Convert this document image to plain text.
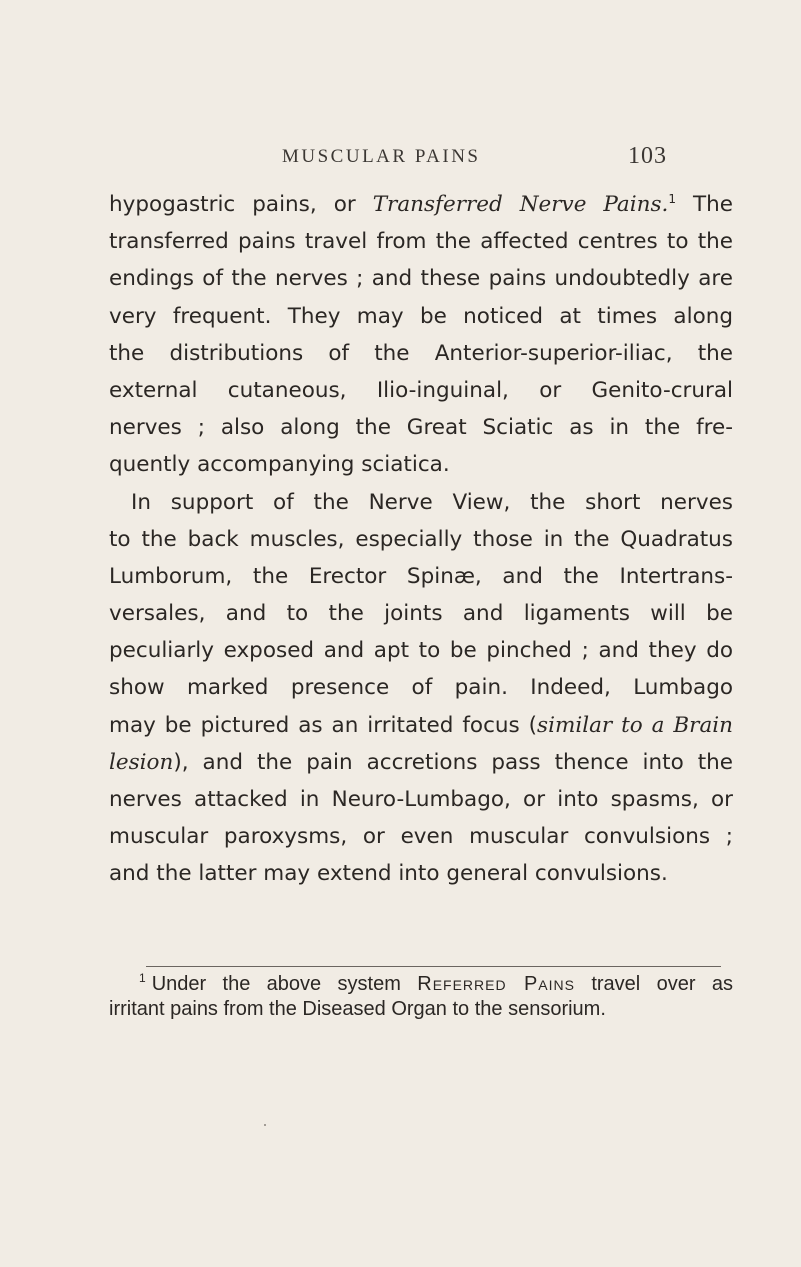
MUSCULAR PAINS	103
hypogastric pains, or Transferred Nerve Pains.$^1$ The
transferred pains travel from the affected centres to the
endings of the nerves ; and these pains undoubtedly are
very frequent. They may be noticed at times along
the distributions of the Anterior-superior-iliac, the
external cutaneous, Ilio-inguinal, or Genito-crural
nerves ; also along the Great Sciatic as in the fre-
quently accompanying sciatica.
In support of the Nerve View, the short nerves
to the back muscles, especially those in the Quadratus
Lumborum, the Erector Spinæ, and the Intertrans-
versales, and to the joints and ligaments will be
peculiarly exposed and apt to be pinched ; and they do
show marked presence of pain. Indeed, Lumbago
may be pictured as an irritated focus (similar to a Brain
lesion), and the pain accretions pass thence into the
nerves attacked in Neuro-Lumbago, or into spasms, or
muscular paroxysms, or even muscular convulsions ;
and the latter may extend into general convulsions.
$^1$ Under the above system Referred Pains travel over as
irritant pains from the Diseased Organ to the sensorium.
